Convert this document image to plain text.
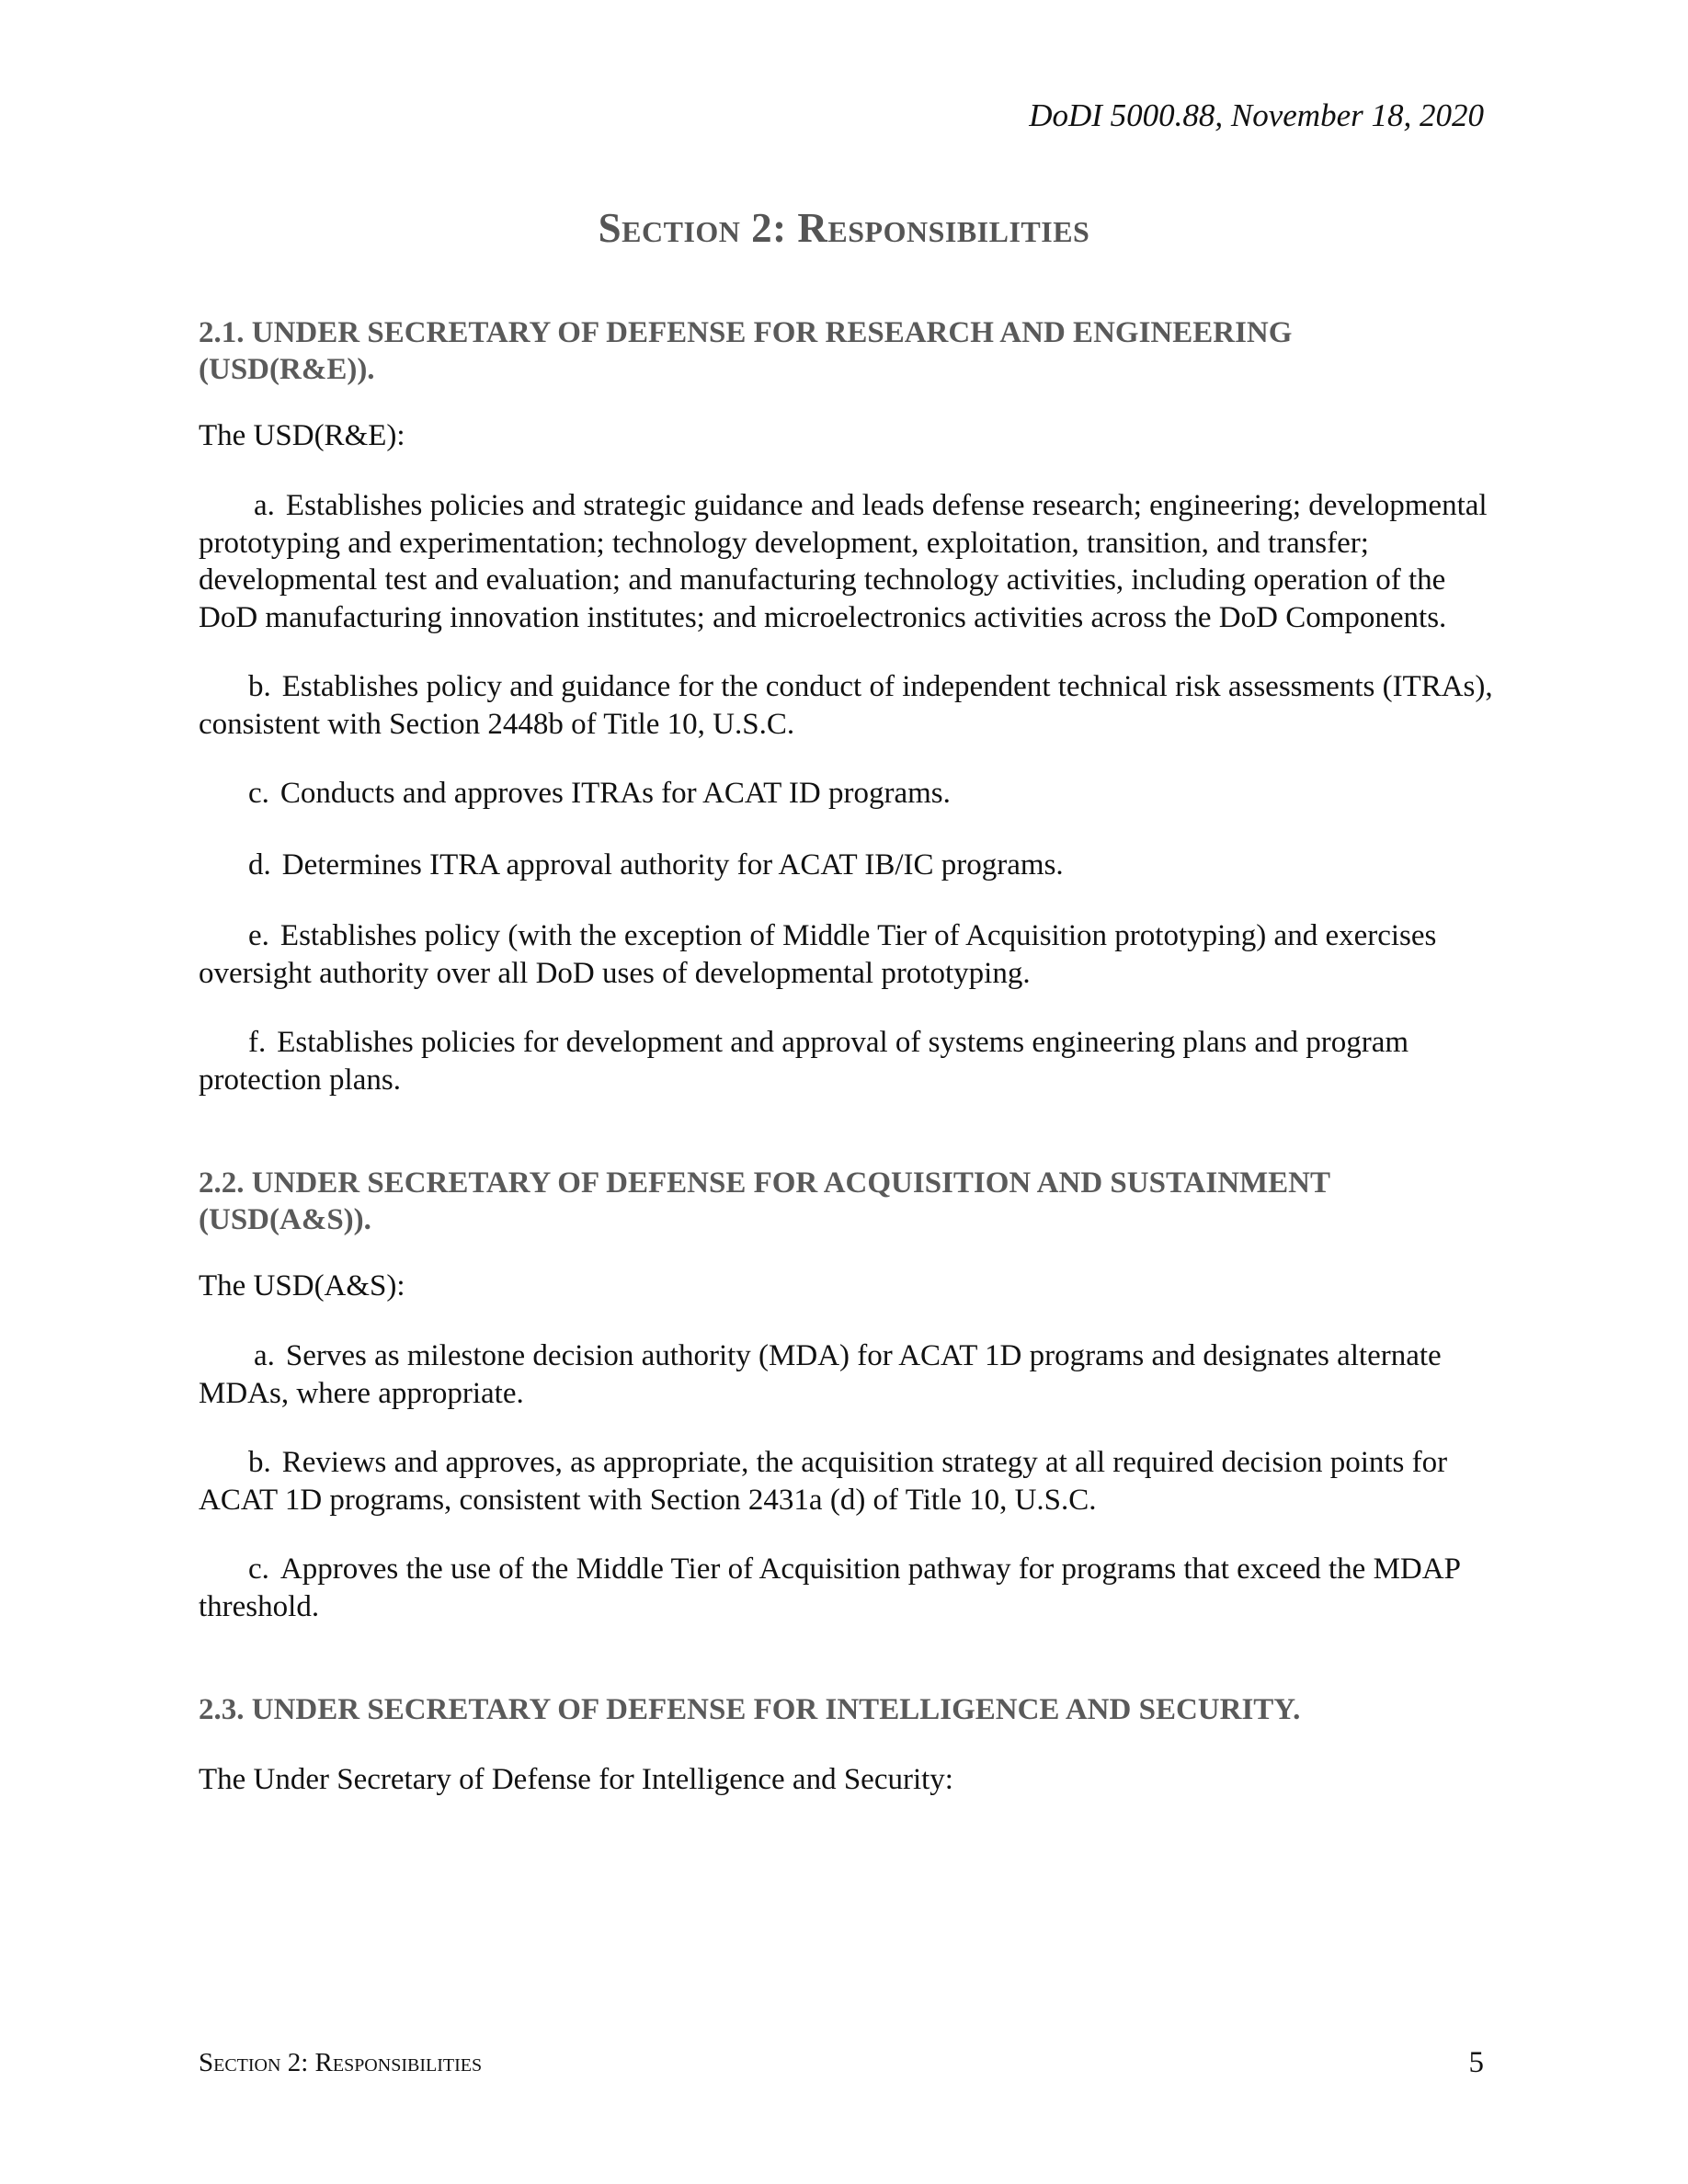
DoDI 5000.88, November 18, 2020
Section 2: Responsibilities

2.1. UNDER SECRETARY OF DEFENSE FOR RESEARCH AND ENGINEERING
(USD(R&E)).

The USD(R&E):

a. Establishes policies and strategic guidance and leads defense research; engineering; developmental prototyping and experimentation; technology development, exploitation, transition, and transfer; developmental test and evaluation; and manufacturing technology activities, including operation of the DoD manufacturing innovation institutes; and microelectronics activities across the DoD Components.

b. Establishes policy and guidance for the conduct of independent technical risk assessments (ITRAs), consistent with Section 2448b of Title 10, U.S.C.

c. Conducts and approves ITRAs for ACAT ID programs.

d. Determines ITRA approval authority for ACAT IB/IC programs.

e. Establishes policy (with the exception of Middle Tier of Acquisition prototyping) and exercises oversight authority over all DoD uses of developmental prototyping.

f. Establishes policies for development and approval of systems engineering plans and program protection plans.

2.2. UNDER SECRETARY OF DEFENSE FOR ACQUISITION AND SUSTAINMENT
(USD(A&S)).

The USD(A&S):

a. Serves as milestone decision authority (MDA) for ACAT 1D programs and designates alternate MDAs, where appropriate.

b. Reviews and approves, as appropriate, the acquisition strategy at all required decision points for ACAT 1D programs, consistent with Section 2431a (d) of Title 10, U.S.C.

c. Approves the use of the Middle Tier of Acquisition pathway for programs that exceed the MDAP threshold.

2.3. UNDER SECRETARY OF DEFENSE FOR INTELLIGENCE AND SECURITY.

The Under Secretary of Defense for Intelligence and Security:

Section 2: Responsibilities	5
